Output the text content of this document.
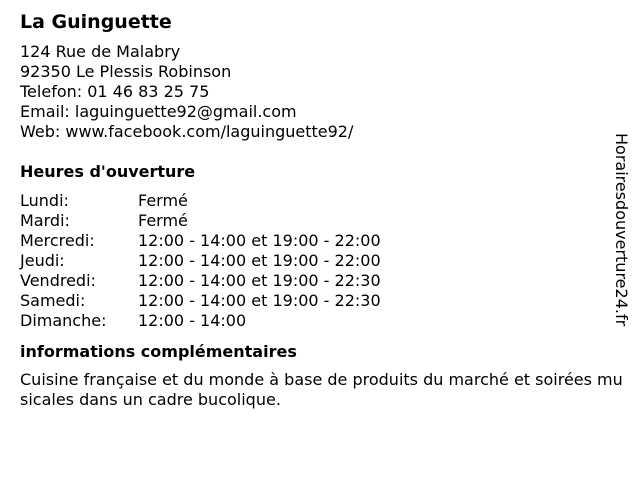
La Guinguette
124 Rue de Malabry
92350 Le Plessis Robinson
Telefon: 01 46 83 25 75
Email: laguinguette92@gmail.com
Web: www.facebook.com/laguinguette92/
Heures d'ouverture
Lundi:	Fermé
Mardi:	Fermé
Mercredi:	12:00 - 14:00 et 19:00 - 22:00
Jeudi:	12:00 - 14:00 et 19:00 - 22:00
Vendredi:	12:00 - 14:00 et 19:00 - 22:30
Samedi:	12:00 - 14:00 et 19:00 - 22:30
Dimanche:	12:00 - 14:00
informations complémentaires
Cuisine française et du monde à base de produits du marché et soirées musicales dans un cadre bucolique.
Horairesdouverture24.fr
